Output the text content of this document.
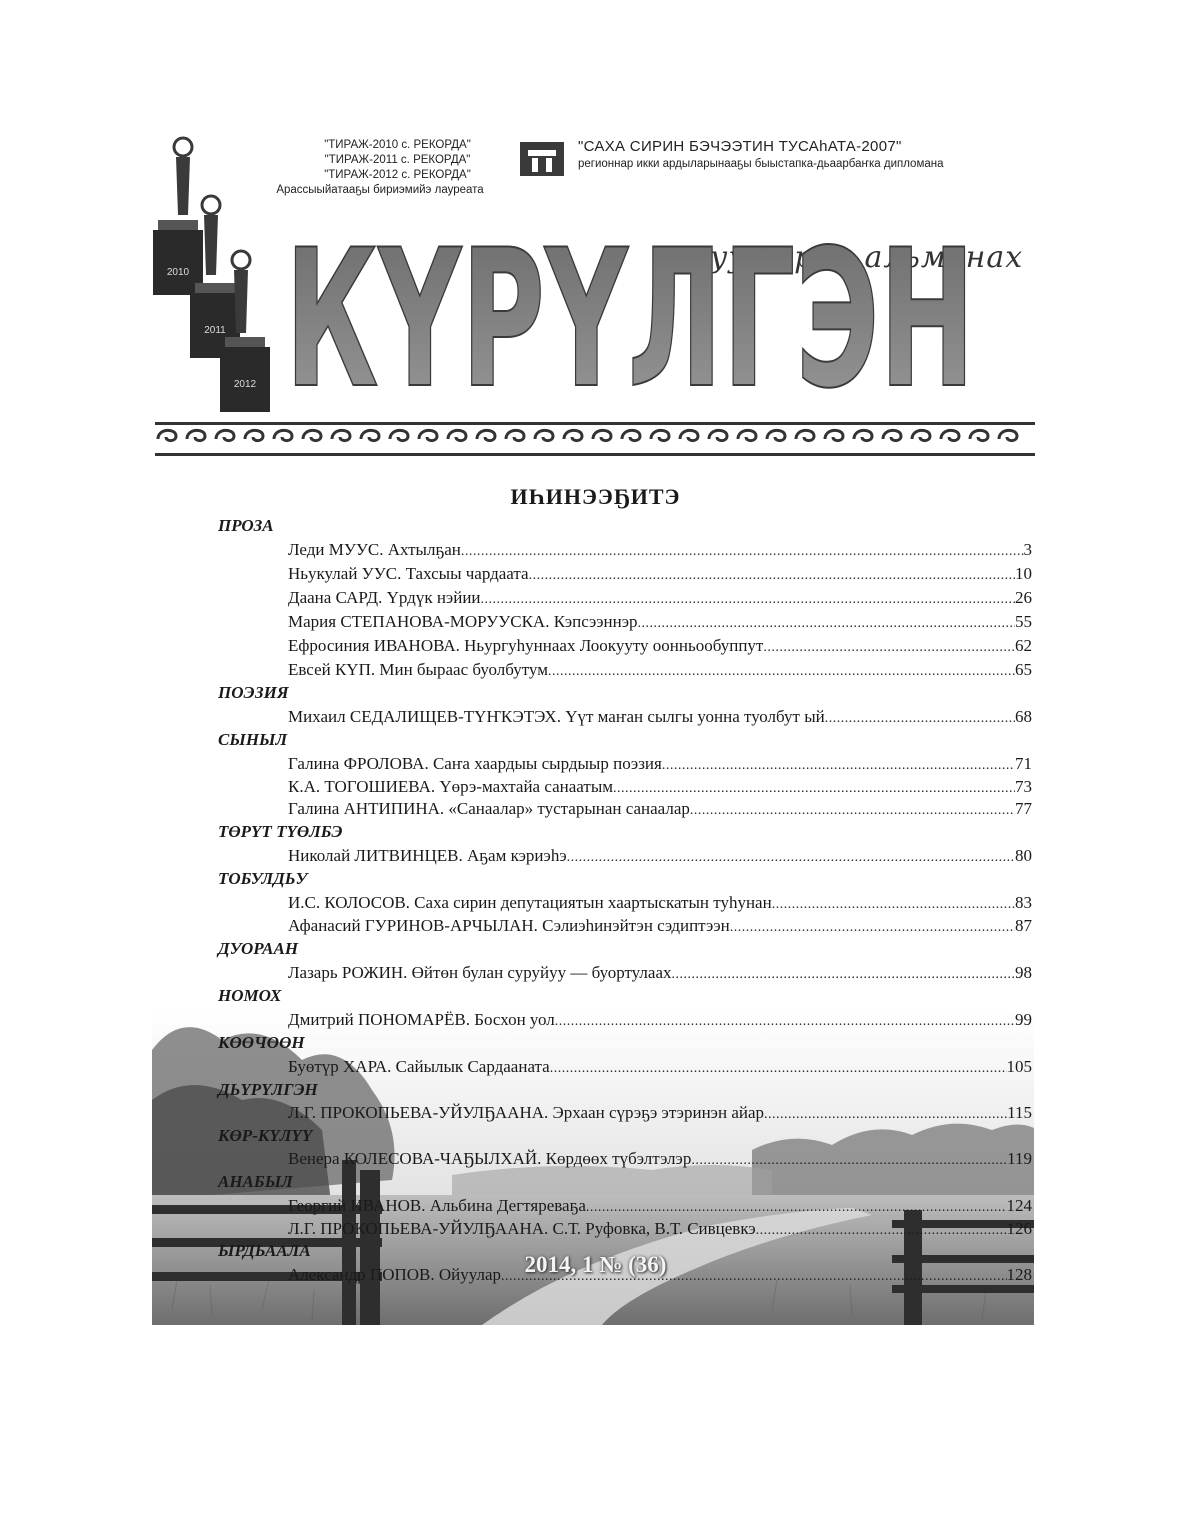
2010
2011
2012
"ТИРАЖ-2010 с. РЕКОРДА"
"ТИРАЖ-2011 с. РЕКОРДА"
"ТИРАЖ-2012 с. РЕКОРДА"
Арассыыйатааҕы бириэмийэ лауреата
"САХА СИРИН БЭЧЭЭТИН ТУСАhАТА-2007"
регионнар икки ардыларынааҕы быыстапка-дьаарбаҥка дипломана
уус-уран альманах
КҮРҮЛГЭН
ИҺИНЭЭҔИТЭ
ПРОЗА
Леди МУУС. Ахтылҕан .....	3
Ньукулай УУС. Тахсыы чардаата .....	10
Даана САРД. Үрдүк нэйии .....	26
Мария СТЕПАНОВА-МОРУУСКА. Кэпсээннэр .....	55
Ефросиния ИВАНОВА. Ньургуһуннаах Лоокууту оонньообуппут .....	62
Евсей КҮП. Мин быраас буолбутум .....	65
ПОЭЗИЯ
Михаил СЕДАЛИЩЕВ-ТҮҤКЭТЭХ. Үүт маҥан сылгы уонна туолбут ый .....	68
СЫНЫЛ
Галина ФРОЛОВА. Саҥа хаардыы сырдыыр поэзия .....	71
К.А. ТОГОШИЕВА. Үөрэ-махтайа санаатым .....	73
Галина АНТИПИНА. «Санаалар» тустарынан санаалар .....	77
ТӨРҮТ ТҮӨЛБЭ
Николай ЛИТВИНЦЕВ. Аҕам кэриэһэ .....	80
ТОБУЛДЬУ
И.С. КОЛОСОВ. Саха сирин депутациятын хаартыскатын туһунан .....	83
Афанасий ГУРИНОВ-АРЧЫЛАН. Сэлиэһинэйтэн сэдиптээн .....	87
ДУОРААН
Лазарь РОЖИН. Өйтөн булан суруйуу — буортулаах .....	98
НОМОХ
Дмитрий ПОНОМАРЁВ. Босхон уол .....	99
КӨӨЧӨӨН
Буөтүр ХАРА. Сайылык Сардааната .....	105
ДЬҮРҮЛГЭН
Л.Г. ПРОКОПЬЕВА-УЙУЛҔААНА. Эрхаан сүрэҕэ этэринэн айар .....	115
КӨР-КҮЛҮҮ
Венера КОЛЕСОВА-ЧАҔЫЛХАЙ. Көрдөөх түбэлтэлэр .....	119
АНАБЫЛ
Георгий ИВАНОВ. Альбина Дегтяреваҕа .....	124
Л.Г. ПРОКОПЬЕВА-УЙУЛҔААНА. С.Т. Руфовка, В.Т. Сивцевкэ .....	126
ЫРДЬААЛА
Александр ПОПОВ. Ойуулар .....	128
2014, 1 № (36)
